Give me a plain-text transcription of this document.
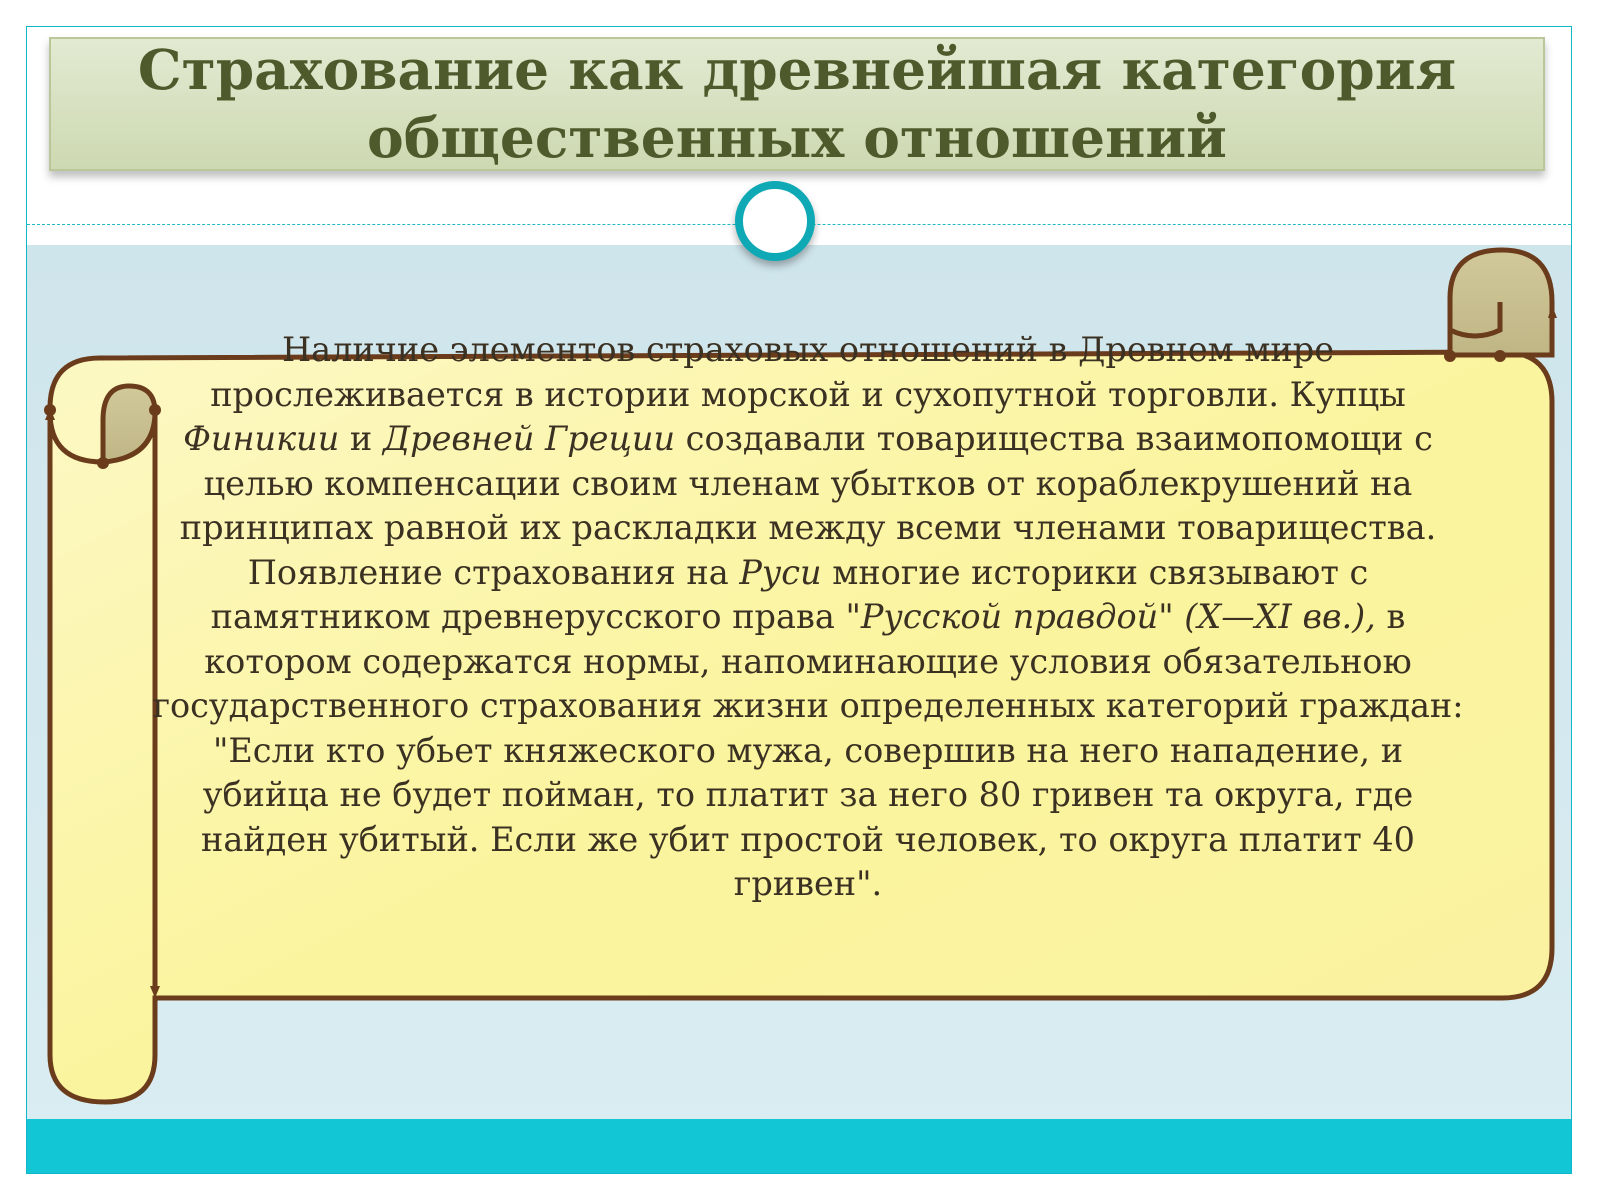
Страхование как древнейшая категория
общественных отношений

Наличие элементов страховых отношений в Древнем мире прослеживается в истории морской и сухопутной торговли. Купцы Финикии и Древней Греции создавали товарищества взаимопомощи с целью компенсации своим членам убытков от кораблекрушений на принципах равной их раскладки между всеми членами товарищества.

Появление страхования на Руси многие историки связывают с памятником древнерусского права "Русской правдой" (X—XI вв.), в котором содержатся нормы, напоминающие условия обязательною государственного страхования жизни определенных категорий граждан: "Если кто убьет княжеского мужа, совершив на него нападение, и убийца не будет пойман, то платит за него 80 гривен та округа, где найден убитый. Если же убит простой человек, то округа платит 40 гривен".
